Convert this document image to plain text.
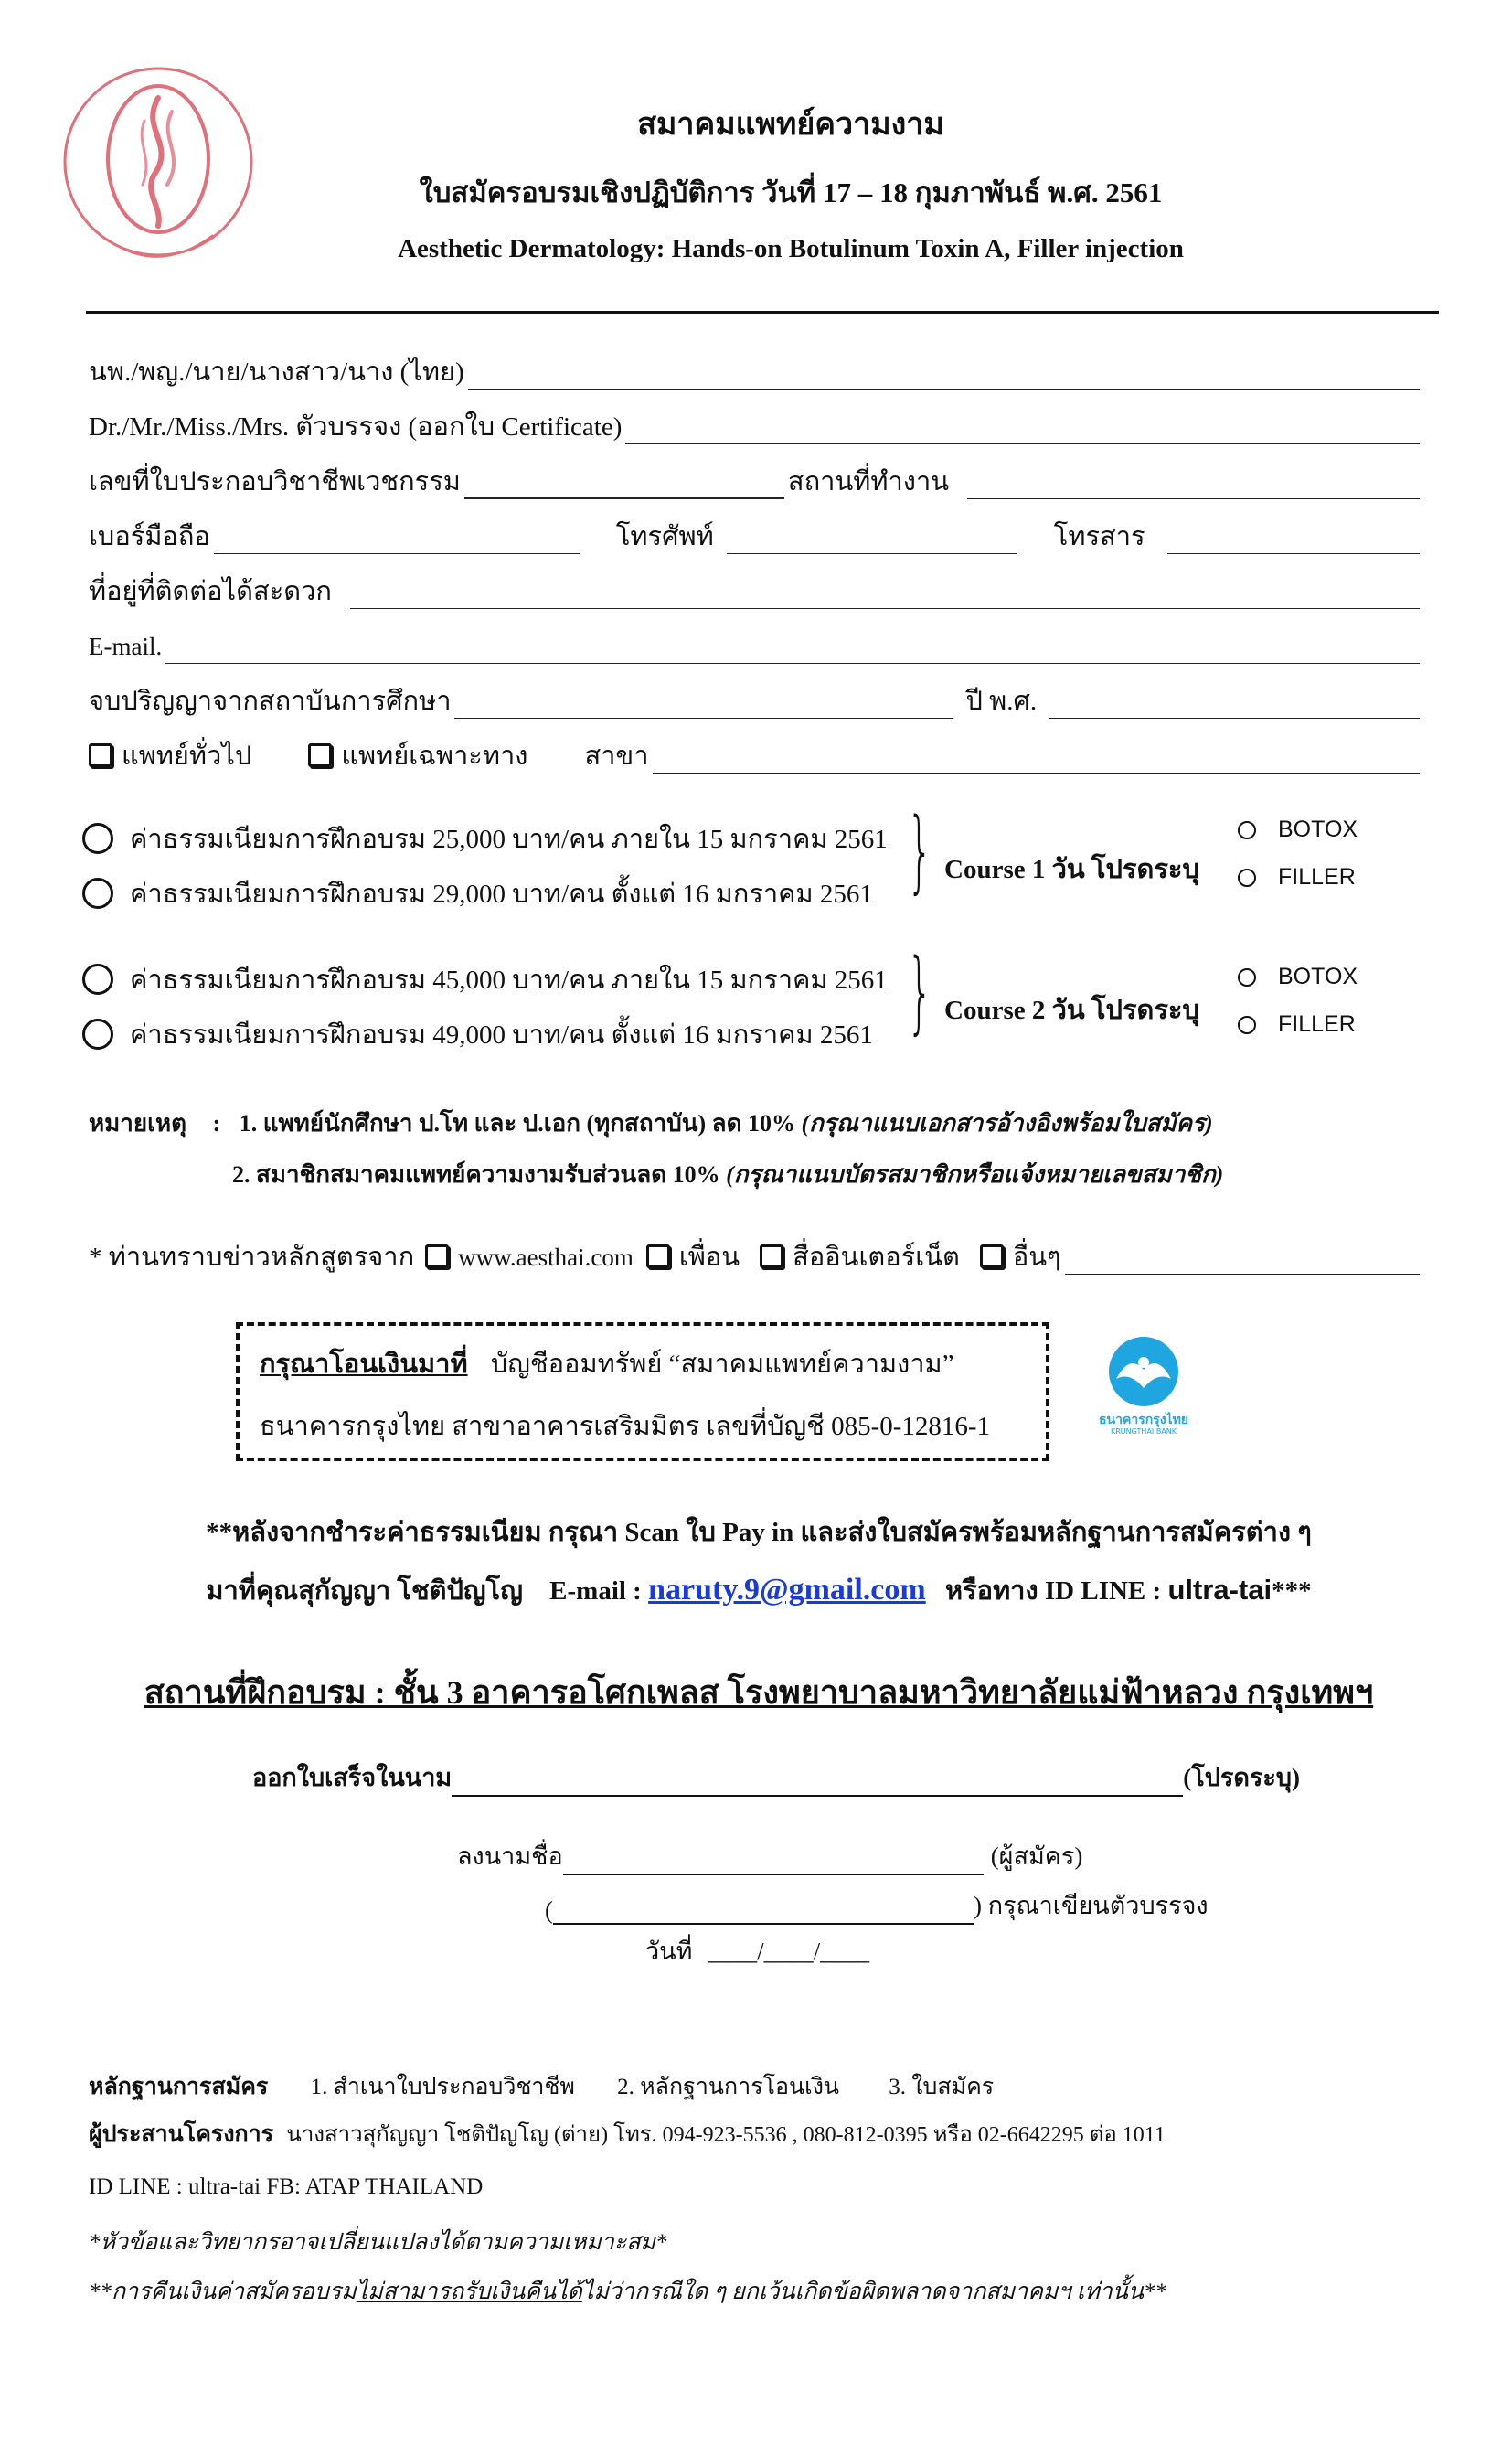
สมาคมแพทย์ความงาม
ใบสมัครอบรมเชิงปฏิบัติการ วันที่ 17 – 18 กุมภาพันธ์ พ.ศ. 2561
Aesthetic Dermatology: Hands-on Botulinum Toxin A, Filler injection
นพ./พญ./นาย/นางสาว/นาง (ไทย)
Dr./Mr./Miss./Mrs. ตัวบรรจง (ออกใบ Certificate)
เลขที่ใบประกอบวิชาชีพเวชกรรม	สถานที่ทำงาน
เบอร์มือถือ	โทรศัพท์	โทรสาร
ที่อยู่ที่ติดต่อได้สะดวก
E-mail.
จบปริญญาจากสถาบันการศึกษา	ปี พ.ศ.
แพทย์ทั่วไป	แพทย์เฉพาะทาง สาขา
ค่าธรรมเนียมการฝึกอบรม 25,000 บาท/คน ภายใน 15 มกราคม 2561
ค่าธรรมเนียมการฝึกอบรม 29,000 บาท/คน ตั้งแต่ 16 มกราคม 2561 } Course 1 วัน โปรดระบุ
BOTOX
FILLER
ค่าธรรมเนียมการฝึกอบรม 45,000 บาท/คน ภายใน 15 มกราคม 2561
ค่าธรรมเนียมการฝึกอบรม 49,000 บาท/คน ตั้งแต่ 16 มกราคม 2561 } Course 2 วัน โปรดระบุ
BOTOX
FILLER
หมายเหตุ : 1. แพทย์นักศึกษา ป.โท และ ป.เอก (ทุกสถาบัน) ลด 10% (กรุณาแนบเอกสารอ้างอิงพร้อมใบสมัคร)
2. สมาชิกสมาคมแพทย์ความงามรับส่วนลด 10% (กรุณาแนบบัตรสมาชิกหรือแจ้งหมายเลขสมาชิก)
* ท่านทราบข่าวหลักสูตรจาก	www.aesthai.com	เพื่อน	สื่ออินเตอร์เน็ต	อื่นๆ
กรุณาโอนเงินมาที่ บัญชีออมทรัพย์ “สมาคมแพทย์ความงาม”
ธนาคารกรุงไทย สาขาอาคารเสริมมิตร เลขที่บัญชี 085-0-12816-1	ธนาคารกรุงไทย
KRUNGTHAI BANK
**หลังจากชำระค่าธรรมเนียม กรุณา Scan ใบ Pay in และส่งใบสมัครพร้อมหลักฐานการสมัครต่าง ๆ
มาที่คุณสุกัญญา โชติปัญโญ E-mail : naruty.9@gmail.com หรือทาง ID LINE : ultra-tai***
สถานที่ฝึกอบรม : ชั้น 3 อาคารอโศกเพลส โรงพยาบาลมหาวิทยาลัยแม่ฟ้าหลวง กรุงเทพฯ
ออกใบเสร็จในนาม	(โปรดระบุ)
ลงนามชื่อ	(ผู้สมัคร)
(	) กรุณาเขียนตัวบรรจง
วันที่ ____/____/____
หลักฐานการสมัคร 1. สำเนาใบประกอบวิชาชีพ 2. หลักฐานการโอนเงิน 3. ใบสมัคร
ผู้ประสานโครงการ นางสาวสุกัญญา โชติปัญโญ (ต่าย) โทร. 094-923-5536 , 080-812-0395 หรือ 02-6642295 ต่อ 1011
ID LINE : ultra-tai FB: ATAP THAILAND
*หัวข้อและวิทยากรอาจเปลี่ยนแปลงได้ตามความเหมาะสม*
**การคืนเงินค่าสมัครอบรมไม่สามารถรับเงินคืนได้ไม่ว่ากรณีใด ๆ ยกเว้นเกิดข้อผิดพลาดจากสมาคมฯ เท่านั้น**
